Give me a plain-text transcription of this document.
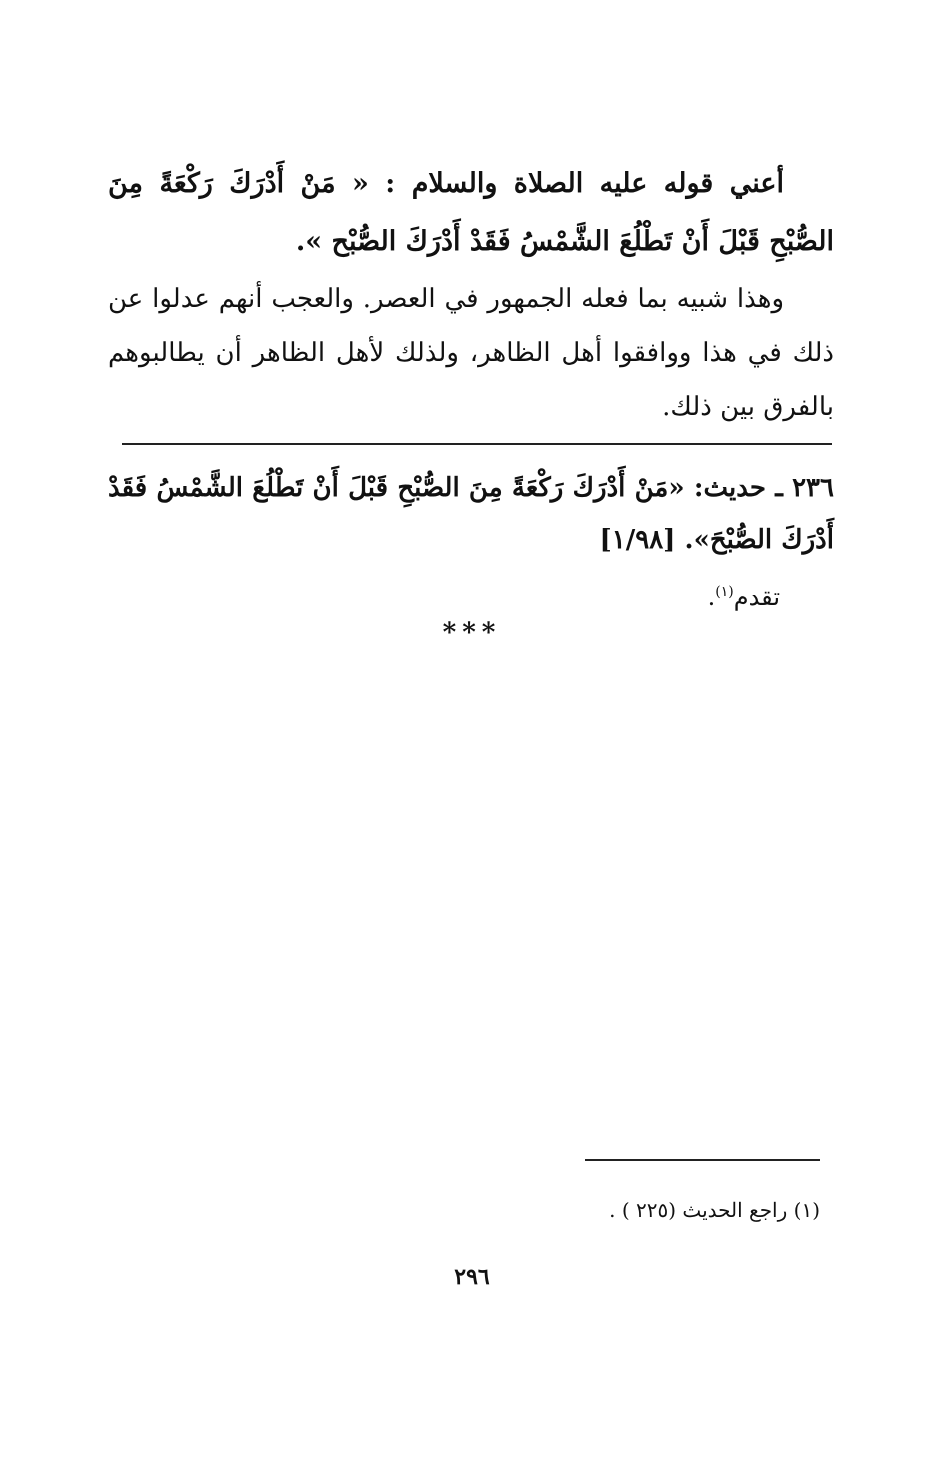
أعني قوله عليه الصلاة والسلام : « مَنْ أَدْرَكَ رَكْعَةً مِنَ الصُّبْحِ قَبْلَ أَنْ تَطْلُعَ الشَّمْسُ فَقَدْ أَدْرَكَ الصُّبْح ».
وهذا شبيه بما فعله الجمهور في العصر. والعجب أنهم عدلوا عن ذلك في هذا ووافقوا أهل الظاهر، ولذلك لأهل الظاهر أن يطالبوهم بالفرق بين ذلك.
٢٣٦ ـ حديث: «مَنْ أَدْرَكَ رَكْعَةً مِنَ الصُّبْحِ قَبْلَ أَنْ تَطْلُعَ الشَّمْسُ فَقَدْ أَدْرَكَ الصُّبْحَ». [١/٩٨]
تقدم$^{(١)}$.
***
(١) راجع الحديث (٢٢٥ ) .
٢٩٦
